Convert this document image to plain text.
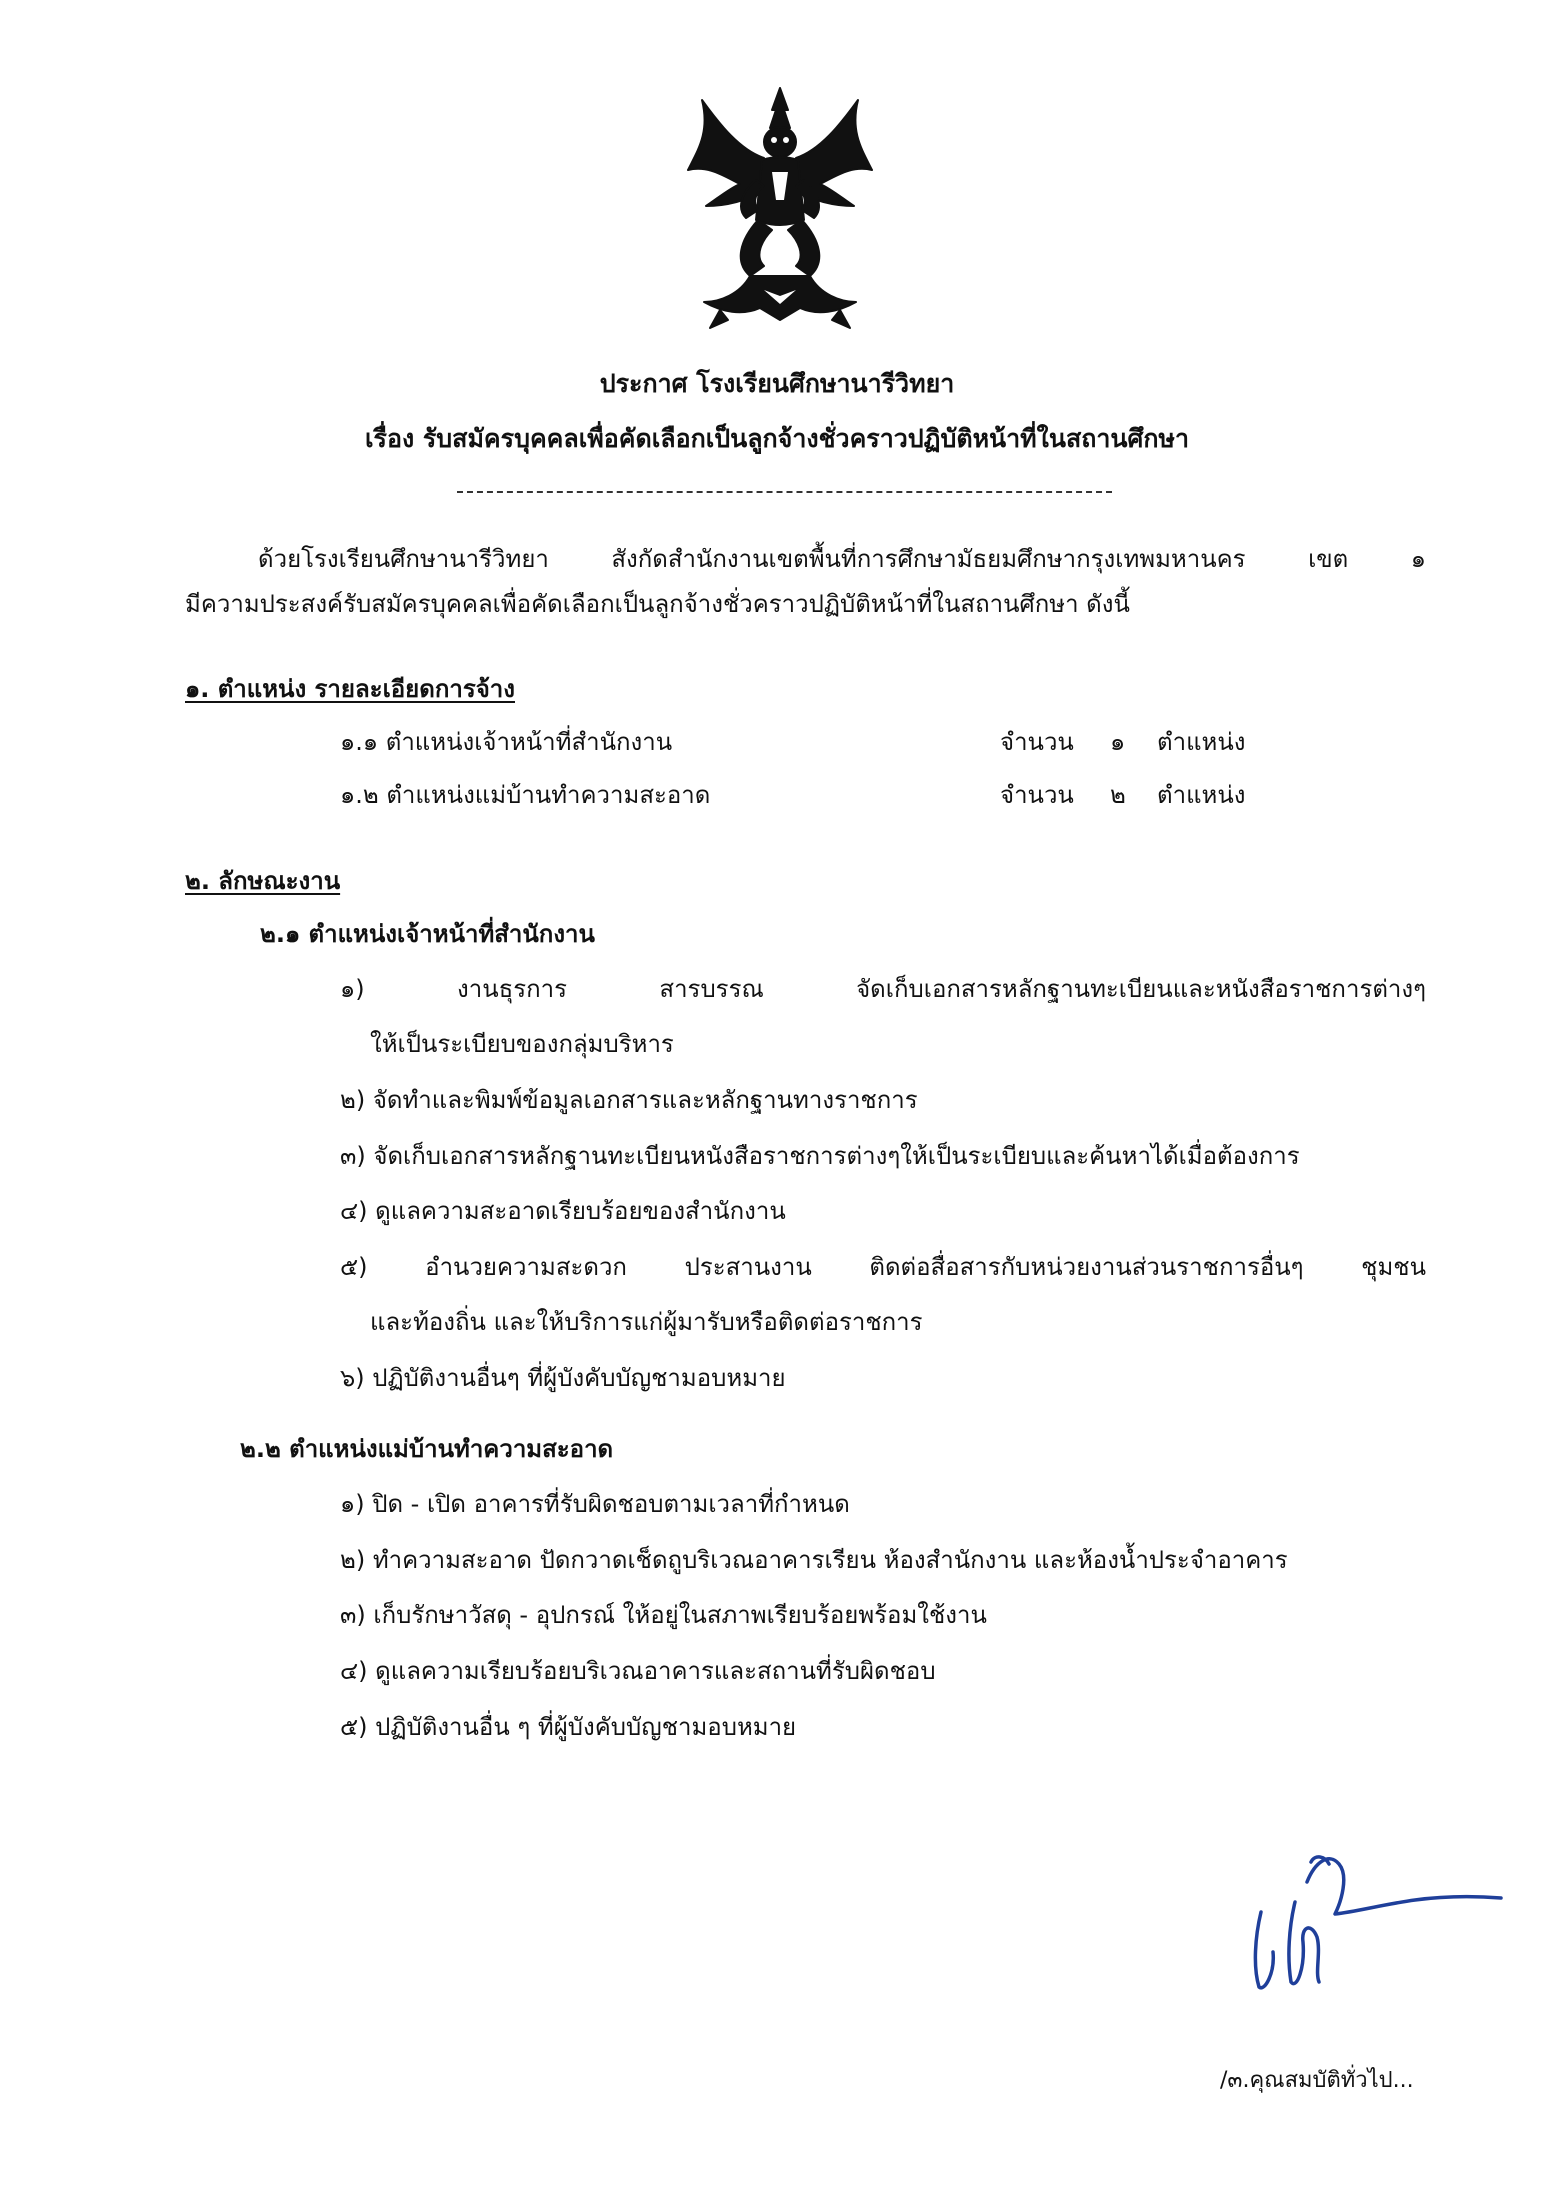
ประกาศ โรงเรียนศึกษานารีวิทยา
เรื่อง รับสมัครบุคคลเพื่อคัดเลือกเป็นลูกจ้างชั่วคราวปฏิบัติหน้าที่ในสถานศึกษา
ด้วยโรงเรียนศึกษานารีวิทยา สังกัดสำนักงานเขตพื้นที่การศึกษามัธยมศึกษากรุงเทพมหานคร เขต ๑
มีความประสงค์รับสมัครบุคคลเพื่อคัดเลือกเป็นลูกจ้างชั่วคราวปฏิบัติหน้าที่ในสถานศึกษา ดังนี้
๑. ตำแหน่ง รายละเอียดการจ้าง
๑.๑ ตำแหน่งเจ้าหน้าที่สำนักงาน	จำนวน ๑ ตำแหน่ง
๑.๒ ตำแหน่งแม่บ้านทำความสะอาด	จำนวน ๒ ตำแหน่ง
๒. ลักษณะงาน
๒.๑ ตำแหน่งเจ้าหน้าที่สำนักงาน
๑) งานธุรการ สารบรรณ จัดเก็บเอกสารหลักฐานทะเบียนและหนังสือราชการต่างๆ
ให้เป็นระเบียบของกลุ่มบริหาร
๒) จัดทำและพิมพ์ข้อมูลเอกสารและหลักฐานทางราชการ
๓) จัดเก็บเอกสารหลักฐานทะเบียนหนังสือราชการต่างๆให้เป็นระเบียบและค้นหาได้เมื่อต้องการ
๔) ดูแลความสะอาดเรียบร้อยของสำนักงาน
๕) อำนวยความสะดวก ประสานงาน ติดต่อสื่อสารกับหน่วยงานส่วนราชการอื่นๆ ชุมชน
และท้องถิ่น และให้บริการแก่ผู้มารับหรือติดต่อราชการ
๖) ปฏิบัติงานอื่นๆ ที่ผู้บังคับบัญชามอบหมาย
๒.๒ ตำแหน่งแม่บ้านทำความสะอาด
๑) ปิด - เปิด อาคารที่รับผิดชอบตามเวลาที่กำหนด
๒) ทำความสะอาด ปัดกวาดเช็ดถูบริเวณอาคารเรียน ห้องสำนักงาน และห้องน้ำประจำอาคาร
๓) เก็บรักษาวัสดุ - อุปกรณ์ ให้อยู่ในสภาพเรียบร้อยพร้อมใช้งาน
๔) ดูแลความเรียบร้อยบริเวณอาคารและสถานที่รับผิดชอบ
๕) ปฏิบัติงานอื่น ๆ ที่ผู้บังคับบัญชามอบหมาย
/๓.คุณสมบัติทั่วไป...
